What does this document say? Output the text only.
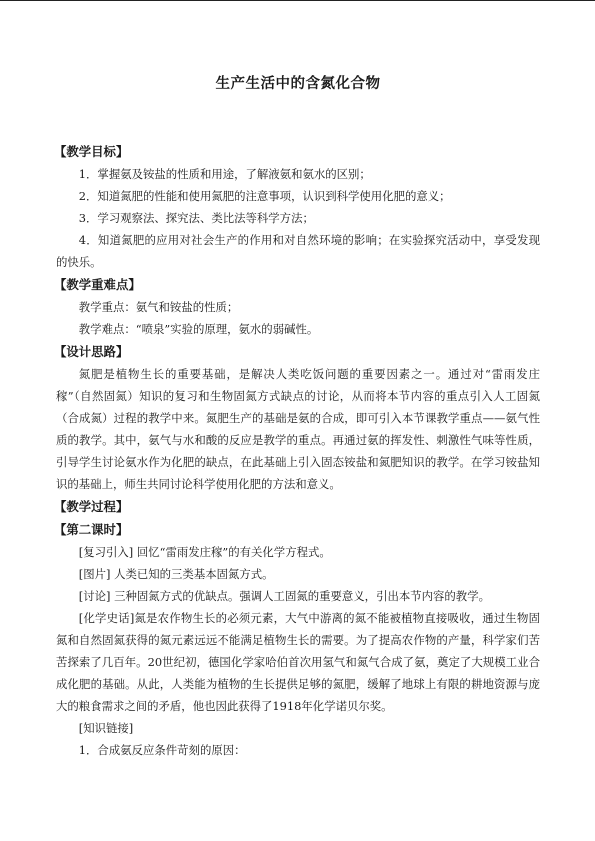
生产生活中的含氮化合物
【教学目标】
1．掌握氨及铵盐的性质和用途，了解液氨和氨水的区别；
2．知道氮肥的性能和使用氮肥的注意事项，认识到科学使用化肥的意义；
3．学习观察法、探究法、类比法等科学方法；
4．知道氮肥的应用对社会生产的作用和对自然环境的影响；在实验探究活动中，享受发现的快乐。
【教学重难点】
教学重点：氨气和铵盐的性质；
教学难点：“喷泉”实验的原理，氨水的弱碱性。
【设计思路】
氮肥是植物生长的重要基础，是解决人类吃饭问题的重要因素之一。通过对“雷雨发庄稼”（自然固氮）知识的复习和生物固氮方式缺点的讨论，从而将本节内容的重点引入人工固氮（合成氮）过程的教学中来。氮肥生产的基础是氨的合成，即可引入本节课教学重点——氨气性质的教学。其中，氨气与水和酸的反应是教学的重点。再通过氨的挥发性、刺激性气味等性质，引导学生讨论氨水作为化肥的缺点，在此基础上引入固态铵盐和氮肥知识的教学。在学习铵盐知识的基础上，师生共同讨论科学使用化肥的方法和意义。
【教学过程】
【第二课时】
[复习引入] 回忆“雷雨发庄稼”的有关化学方程式。
[图片] 人类已知的三类基本固氮方式。
[讨论] 三种固氮方式的优缺点。强调人工固氮的重要意义，引出本节内容的教学。
[化学史话]氮是农作物生长的必须元素，大气中游离的氮不能被植物直接吸收，通过生物固氮和自然固氮获得的氮元素远远不能满足植物生长的需要。为了提高农作物的产量，科学家们苦苦探索了几百年。20世纪初，德国化学家哈伯首次用氢气和氮气合成了氨，奠定了大规模工业合成化肥的基础。从此，人类能为植物的生长提供足够的氮肥，缓解了地球上有限的耕地资源与庞大的粮食需求之间的矛盾，他也因此获得了1918年化学诺贝尔奖。
[知识链接]
1．合成氨反应条件苛刻的原因：
